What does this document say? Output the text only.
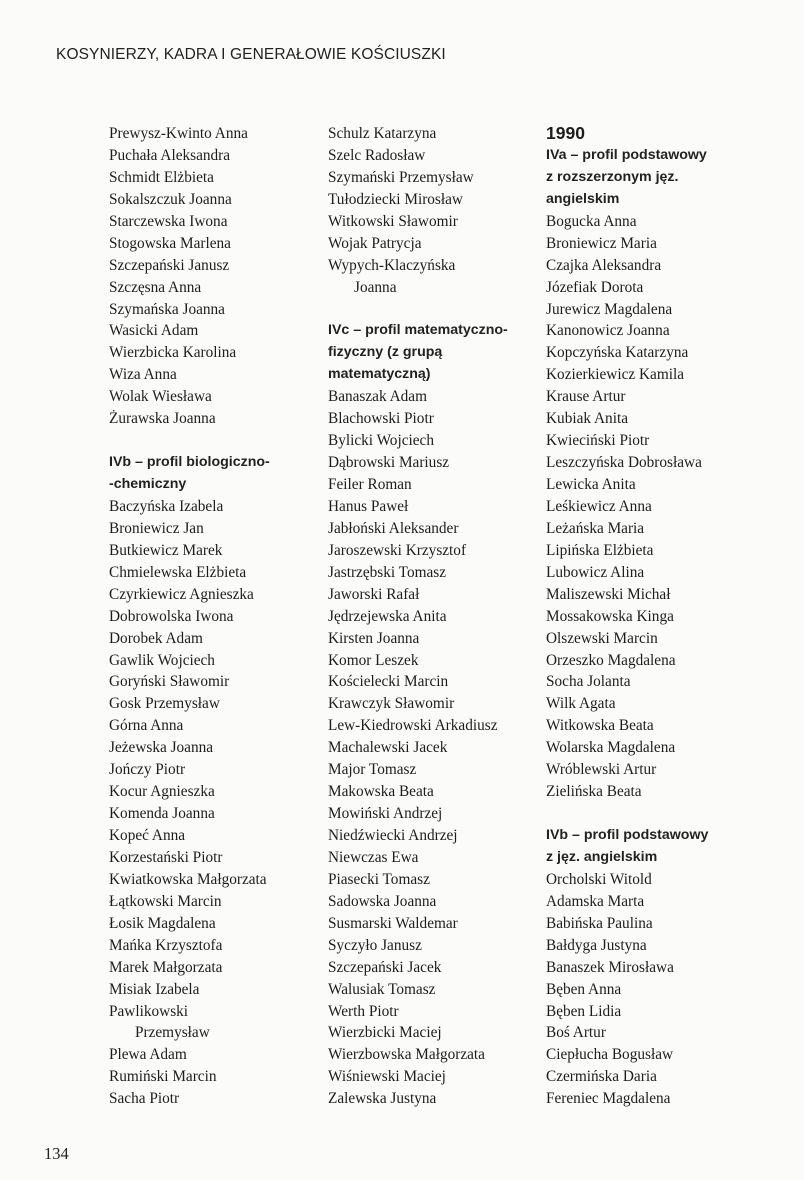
KOSYNIERZY, KADRA I GENERAŁOWIE KOŚCIUSZKI
Prewysz-Kwinto Anna
Puchała Aleksandra
Schmidt Elżbieta
Sokalszczuk Joanna
Starczewska Iwona
Stogowska Marlena
Szczepański Janusz
Szczęsna Anna
Szymańska Joanna
Wasicki Adam
Wierzbicka Karolina
Wiza Anna
Wolak Wiesława
Żurawska Joanna
IVb – profil biologiczno-
-chemiczny
Baczyńska Izabela
Broniewicz Jan
Butkiewicz Marek
Chmielewska Elżbieta
Czyrkiewicz Agnieszka
Dobrowolska Iwona
Dorobek Adam
Gawlik Wojciech
Goryński Sławomir
Gosk Przemysław
Górna Anna
Jeżewska Joanna
Jończy Piotr
Kocur Agnieszka
Komenda Joanna
Kopeć Anna
Korzestański Piotr
Kwiatkowska Małgorzata
Łątkowski Marcin
Łosik Magdalena
Mańka Krzysztofa
Marek Małgorzata
Misiak Izabela
Pawlikowski
Przemysław
Plewa Adam
Rumiński Marcin
Sacha Piotr
Schulz Katarzyna
Szelc Radosław
Szymański Przemysław
Tułodziecki Mirosław
Witkowski Sławomir
Wojak Patrycja
Wypych-Klaczyńska
Joanna
IVc – profil matematyczno-
fizyczny (z grupą
matematyczną)
Banaszak Adam
Blachowski Piotr
Bylicki Wojciech
Dąbrowski Mariusz
Feiler Roman
Hanus Paweł
Jabłoński Aleksander
Jaroszewski Krzysztof
Jastrzębski Tomasz
Jaworski Rafał
Jędrzejewska Anita
Kirsten Joanna
Komor Leszek
Kościelecki Marcin
Krawczyk Sławomir
Lew-Kiedrowski Arkadiusz
Machalewski Jacek
Major Tomasz
Makowska Beata
Mowiński Andrzej
Niedźwiecki Andrzej
Niewczas Ewa
Piasecki Tomasz
Sadowska Joanna
Susmarski Waldemar
Syczyło Janusz
Szczepański Jacek
Walusiak Tomasz
Werth Piotr
Wierzbicki Maciej
Wierzbowska Małgorzata
Wiśniewski Maciej
Zalewska Justyna
1990
IVa – profil podstawowy
z rozszerzonym jęz.
angielskim
Bogucka Anna
Broniewicz Maria
Czajka Aleksandra
Józefiak Dorota
Jurewicz Magdalena
Kanonowicz Joanna
Kopczyńska Katarzyna
Kozierkiewicz Kamila
Krause Artur
Kubiak Anita
Kwieciński Piotr
Leszczyńska Dobrosława
Lewicka Anita
Leśkiewicz Anna
Leżańska Maria
Lipińska Elżbieta
Lubowicz Alina
Maliszewski Michał
Mossakowska Kinga
Olszewski Marcin
Orzeszko Magdalena
Socha Jolanta
Wilk Agata
Witkowska Beata
Wolarska Magdalena
Wróblewski Artur
Zielińska Beata
IVb – profil podstawowy
z jęz. angielskim
Orcholski Witold
Adamska Marta
Babińska Paulina
Bałdyga Justyna
Banaszek Mirosława
Bęben Anna
Bęben Lidia
Boś Artur
Ciepłucha Bogusław
Czermińska Daria
Fereniec Magdalena
134
